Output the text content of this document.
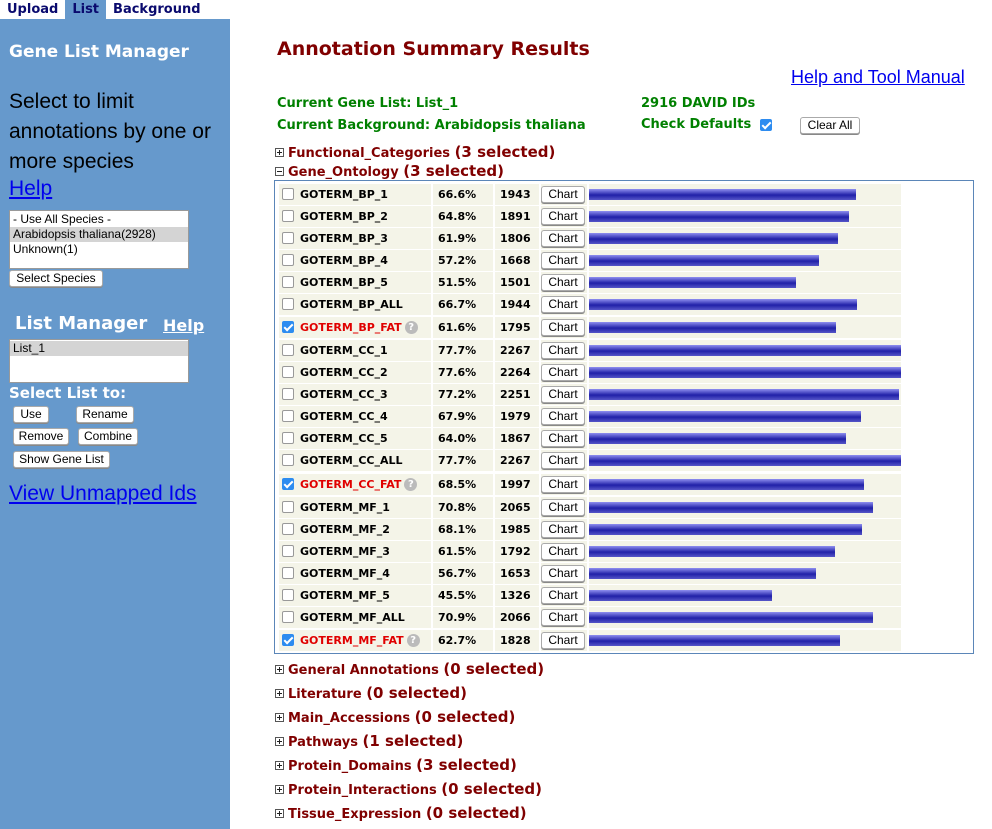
Upload	List	Background
Gene List Manager
Select to limit annotations by one or more species
Help
- Use All Species -
Arabidopsis thaliana(2928)
Unknown(1)
Select Species
List Manager Help
List_1
Select List to:
Use	Rename
Remove	Combine
Show Gene List
View Unmapped Ids
Annotation Summary Results
Help and Tool Manual
Current Gene List: List_1
Current Background: Arabidopsis thaliana
2916 DAVID IDs
Check Defaults	Clear All
Functional_Categories (3 selected)
Gene_Ontology (3 selected)
GOTERM_BP_1	66.6% 1943	Chart
GOTERM_BP_2	64.8% 1891	Chart
GOTERM_BP_3	61.9% 1806	Chart
GOTERM_BP_4	57.2% 1668	Chart
GOTERM_BP_5	51.5% 1501	Chart
GOTERM_BP_ALL	66.7% 1944	Chart
GOTERM_BP_FAT ?	61.6% 1795	Chart
GOTERM_CC_1	77.7% 2267	Chart
GOTERM_CC_2	77.6% 2264	Chart
GOTERM_CC_3	77.2% 2251	Chart
GOTERM_CC_4	67.9% 1979	Chart
GOTERM_CC_5	64.0% 1867	Chart
GOTERM_CC_ALL	77.7% 2267	Chart
GOTERM_CC_FAT ?	68.5% 1997	Chart
GOTERM_MF_1	70.8% 2065	Chart
GOTERM_MF_2	68.1% 1985	Chart
GOTERM_MF_3	61.5% 1792	Chart
GOTERM_MF_4	56.7% 1653	Chart
GOTERM_MF_5	45.5% 1326	Chart
GOTERM_MF_ALL	70.9% 2066	Chart
GOTERM_MF_FAT ?	62.7% 1828	Chart
General Annotations (0 selected)
Literature (0 selected)
Main_Accessions (0 selected)
Pathways (1 selected)
Protein_Domains (3 selected)
Protein_Interactions (0 selected)
Tissue_Expression (0 selected)
